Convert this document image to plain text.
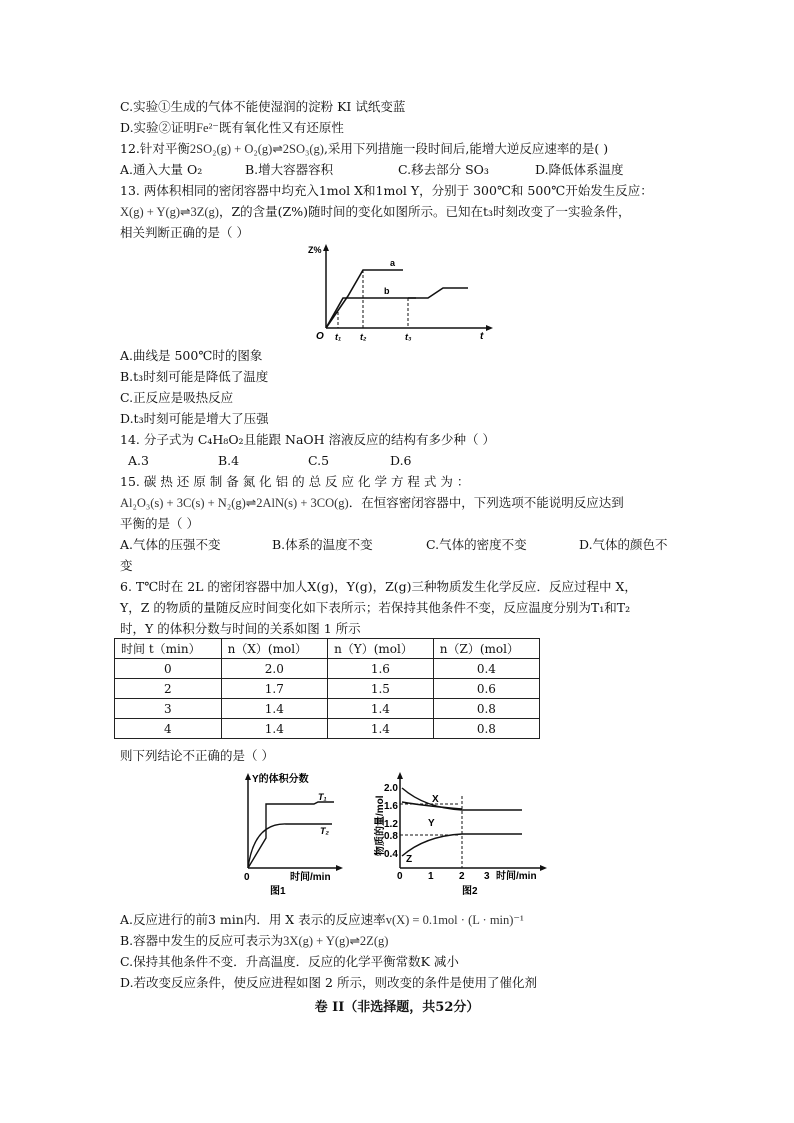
C.实验①生成的气体不能使湿润的淀粉 KI 试纸变蓝
D.实验②证明Fe²⁻既有氧化性又有还原性
12.针对平衡2SO₂(g) + O₂(g)⇌2SO₃(g),采用下列措施一段时间后,能增大逆反应速率的是( )
A.通入大量 O₂	B.增大容器容积	C.移去部分 SO₃	D.降低体系温度
13. 两体积相同的密闭容器中均充入1mol X和1mol Y，分别于 300℃和 500℃开始发生反应：
X(g) + Y(g)⇌3Z(g)，Z的含量(Z%)随时间的变化如图所示。已知在t₃时刻改变了一实验条件，
相关判断正确的是（ ）
Z%
O
a
b
t₁ t₂	t₃	t
A.曲线是 500℃时的图象
B.t₃时刻可能是降低了温度
C.正反应是吸热反应
D.t₃时刻可能是增大了压强
14. 分子式为 C₄H₈O₂且能跟 NaOH 溶液反应的结构有多少种（ ）
A.3	B.4	C.5	D.6
15. 碳 热 还 原 制 备 氮 化 铝 的 总 反 应 化 学 方 程 式 为 ：
Al₂O₃(s) + 3C(s) + N₂(g)⇌2AlN(s) + 3CO(g)．在恒容密闭容器中，下列选项不能说明反应达到
平衡的是（ ）
A.气体的压强不变	B.体系的温度不变	C.气体的密度不变	D.气体的颜色不
变
6. T℃时在 2L 的密闭容器中加人X(g)，Y(g)，Z(g)三种物质发生化学反应．反应过程中 X，
Y，Z 的物质的量随反应时间变化如下表所示；若保持其他条件不变，反应温度分别为T₁和T₂
时，Y 的体积分数与时间的关系如图 1 所示
时间 t（min）	n（X）(mol）	n（Y）(mol）	n（Z）(mol）
0	2.0	1.6	0.4
2	1.7	1.5	0.6
3	1.4	1.4	0.8
4	1.4	1.4	0.8
则下列结论不正确的是（ ）
Y的体积分数
T₁
T₂
0	时间/min
图1
物质的量/mol
2.0
1.6
1.2
0.8
0.4
X
Y
Z
0	1	2 3 时间/min
图2
A.反应进行的前3 min内．用 X 表示的反应速率v(X) = 0.1mol · (L · min)⁻¹
B.容器中发生的反应可表示为3X(g) + Y(g)⇌2Z(g)
C.保持其他条件不变．升高温度．反应的化学平衡常数K 减小
D.若改变反应条件，使反应进程如图 2 所示，则改变的条件是使用了催化剂
卷 II（非选择题，共52分）
